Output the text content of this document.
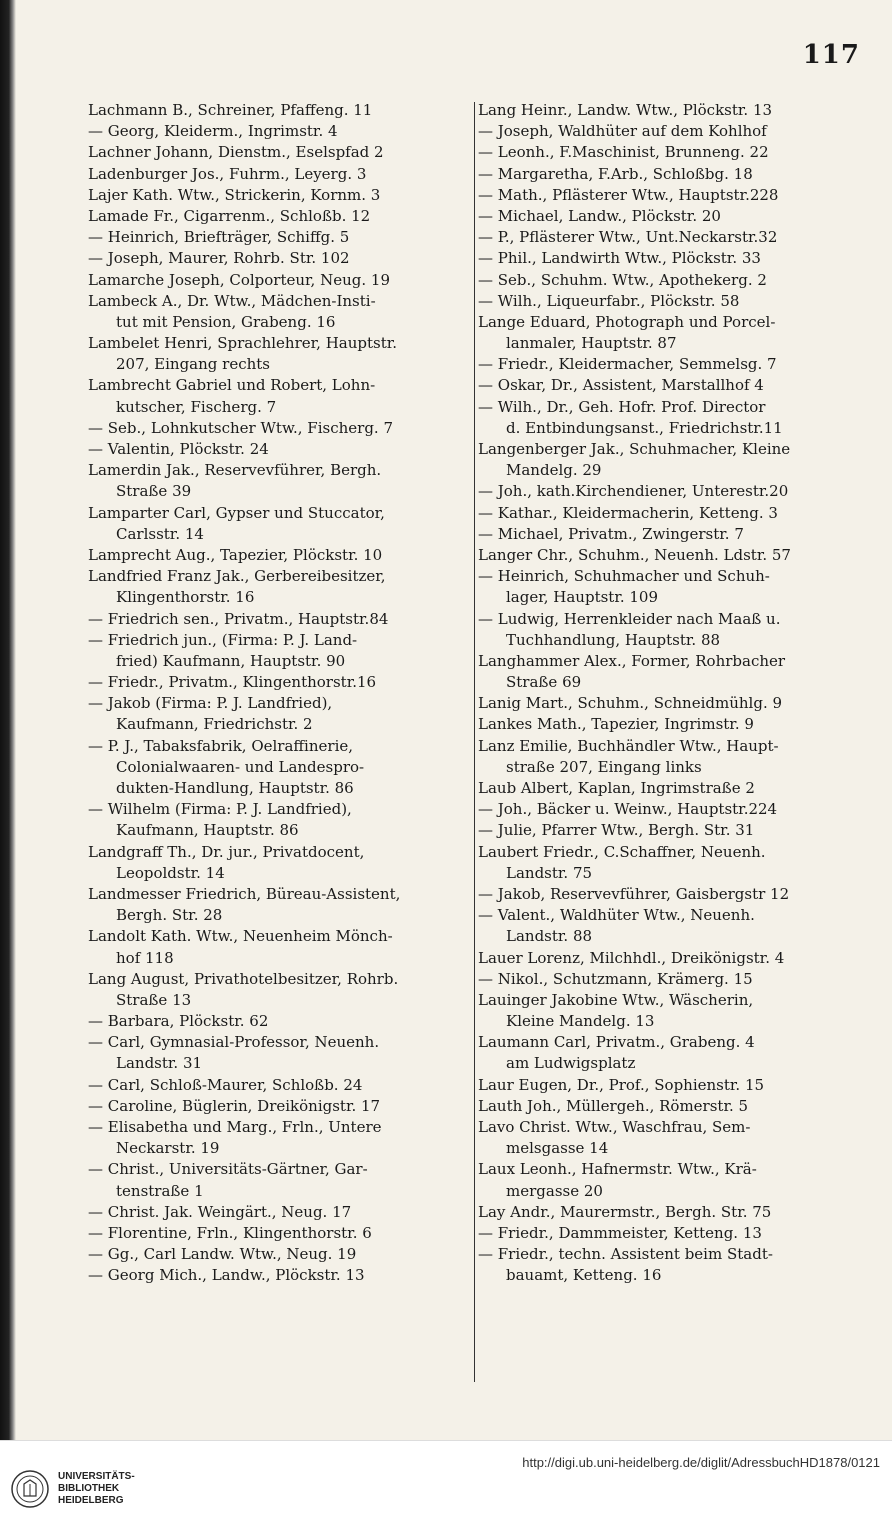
117
Lachmann B., Schreiner, Pfaffeng. 11
— Georg, Kleiderm., Ingrimstr. 4
Lachner Johann, Dienstm., Eselspfad 2
Ladenburger Jos., Fuhrm., Leyerg. 3
Lajer Kath. Wtw., Strickerin, Kornm. 3
Lamade Fr., Cigarrenm., Schloßb. 12
— Heinrich, Briefträger, Schiffg. 5
— Joseph, Maurer, Rohrb. Str. 102
Lamarche Joseph, Colporteur, Neug. 19
Lambeck A., Dr. Wtw., Mädchen-Insti-
tut mit Pension, Grabeng. 16
Lambelet Henri, Sprachlehrer, Hauptstr.
207, Eingang rechts
Lambrecht Gabriel und Robert, Lohn-
kutscher, Fischerg. 7
— Seb., Lohnkutscher Wtw., Fischerg. 7
— Valentin, Plöckstr. 24
Lamerdin Jak., Reservevführer, Bergh.
Straße 39
Lamparter Carl, Gypser und Stuccator,
Carlsstr. 14
Lamprecht Aug., Tapezier, Plöckstr. 10
Landfried Franz Jak., Gerbereibesitzer,
Klingenthorstr. 16
— Friedrich sen., Privatm., Hauptstr.84
— Friedrich jun., (Firma: P. J. Land-
fried) Kaufmann, Hauptstr. 90
— Friedr., Privatm., Klingenthorstr.16
— Jakob (Firma: P. J. Landfried),
Kaufmann, Friedrichstr. 2
— P. J., Tabaksfabrik, Oelraffinerie,
Colonialwaaren- und Landespro-
dukten-Handlung, Hauptstr. 86
— Wilhelm (Firma: P. J. Landfried),
Kaufmann, Hauptstr. 86
Landgraff Th., Dr. jur., Privatdocent,
Leopoldstr. 14
Landmesser Friedrich, Büreau-Assistent,
Bergh. Str. 28
Landolt Kath. Wtw., Neuenheim Mönch-
hof 118
Lang August, Privathotelbesitzer, Rohrb.
Straße 13
— Barbara, Plöckstr. 62
— Carl, Gymnasial-Professor, Neuenh.
Landstr. 31
— Carl, Schloß-Maurer, Schloßb. 24
— Caroline, Büglerin, Dreikönigstr. 17
— Elisabetha und Marg., Frln., Untere
Neckarstr. 19
— Christ., Universitäts-Gärtner, Gar-
tenstraße 1
— Christ. Jak. Weingärt., Neug. 17
— Florentine, Frln., Klingenthorstr. 6
— Gg., Carl Landw. Wtw., Neug. 19
— Georg Mich., Landw., Plöckstr. 13
Lang Heinr., Landw. Wtw., Plöckstr. 13
— Joseph, Waldhüter auf dem Kohlhof
— Leonh., F.Maschinist, Brunneng. 22
— Margaretha, F.Arb., Schloßbg. 18
— Math., Pflästerer Wtw., Hauptstr.228
— Michael, Landw., Plöckstr. 20
— P., Pflästerer Wtw., Unt.Neckarstr.32
— Phil., Landwirth Wtw., Plöckstr. 33
— Seb., Schuhm. Wtw., Apothekerg. 2
— Wilh., Liqueurfabr., Plöckstr. 58
Lange Eduard, Photograph und Porcel-
lanmaler, Hauptstr. 87
— Friedr., Kleidermacher, Semmelsg. 7
— Oskar, Dr., Assistent, Marstallhof 4
— Wilh., Dr., Geh. Hofr. Prof. Director
d. Entbindungsanst., Friedrichstr.11
Langenberger Jak., Schuhmacher, Kleine
Mandelg. 29
— Joh., kath.Kirchendiener, Unterestr.20
— Kathar., Kleidermacherin, Ketteng. 3
— Michael, Privatm., Zwingerstr. 7
Langer Chr., Schuhm., Neuenh. Ldstr. 57
— Heinrich, Schuhmacher und Schuh-
lager, Hauptstr. 109
— Ludwig, Herrenkleider nach Maaß u.
Tuchhandlung, Hauptstr. 88
Langhammer Alex., Former, Rohrbacher
Straße 69
Lanig Mart., Schuhm., Schneidmühlg. 9
Lankes Math., Tapezier, Ingrimstr. 9
Lanz Emilie, Buchhändler Wtw., Haupt-
straße 207, Eingang links
Laub Albert, Kaplan, Ingrimstraße 2
— Joh., Bäcker u. Weinw., Hauptstr.224
— Julie, Pfarrer Wtw., Bergh. Str. 31
Laubert Friedr., C.Schaffner, Neuenh.
Landstr. 75
— Jakob, Reservevführer, Gaisbergstr 12
— Valent., Waldhüter Wtw., Neuenh.
Landstr. 88
Lauer Lorenz, Milchhdl., Dreikönigstr. 4
— Nikol., Schutzmann, Krämerg. 15
Lauinger Jakobine Wtw., Wäscherin,
Kleine Mandelg. 13
Laumann Carl, Privatm., Grabeng. 4
am Ludwigsplatz
Laur Eugen, Dr., Prof., Sophienstr. 15
Lauth Joh., Müllergeh., Römerstr. 5
Lavo Christ. Wtw., Waschfrau, Sem-
melsgasse 14
Laux Leonh., Hafnermstr. Wtw., Krä-
mergasse 20
Lay Andr., Maurermstr., Bergh. Str. 75
— Friedr., Dammmeister, Ketteng. 13
— Friedr., techn. Assistent beim Stadt-
bauamt, Ketteng. 16
UNIVERSITÄTS-
BIBLIOTHEK
HEIDELBERG
http://digi.ub.uni-heidelberg.de/diglit/AdressbuchHD1878/0121
